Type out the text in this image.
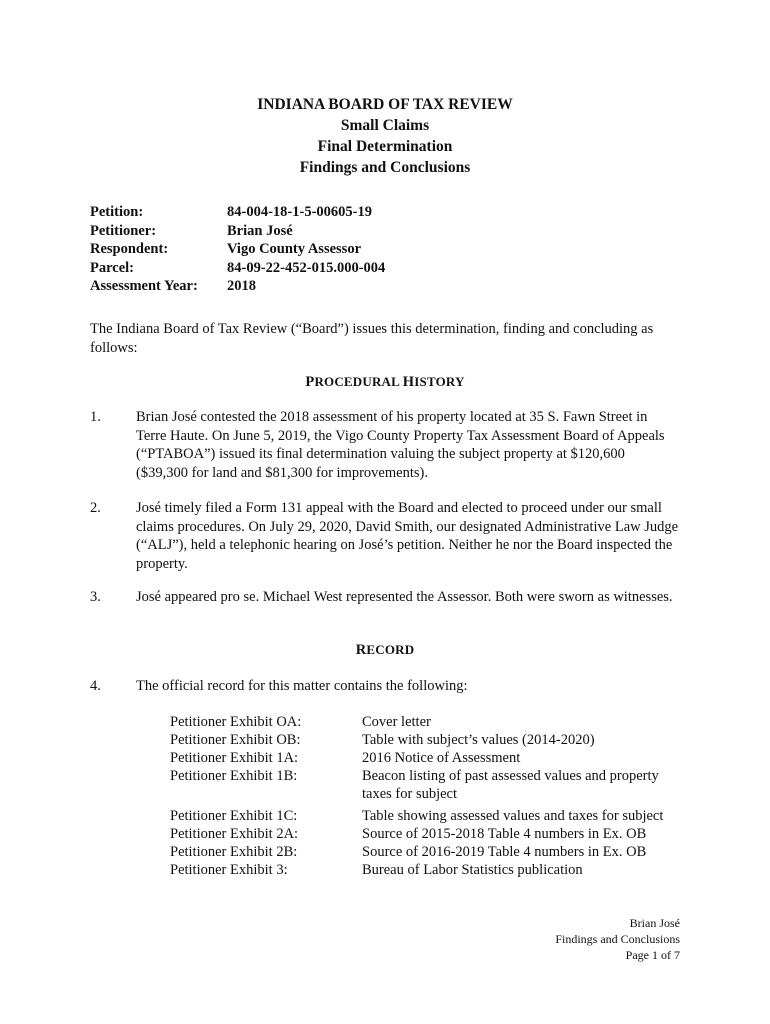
INDIANA BOARD OF TAX REVIEW
Small Claims
Final Determination
Findings and Conclusions
Petition:	84-004-18-1-5-00605-19
Petitioner:	Brian José
Respondent:	Vigo County Assessor
Parcel:	84-09-22-452-015.000-004
Assessment Year:	2018
The Indiana Board of Tax Review (“Board”) issues this determination, finding and concluding as follows:
PROCEDURAL HISTORY
1.	Brian José contested the 2018 assessment of his property located at 35 S. Fawn Street in Terre Haute. On June 5, 2019, the Vigo County Property Tax Assessment Board of Appeals (“PTABOA”) issued its final determination valuing the subject property at $120,600 ($39,300 for land and $81,300 for improvements).
2.	José timely filed a Form 131 appeal with the Board and elected to proceed under our small claims procedures. On July 29, 2020, David Smith, our designated Administrative Law Judge (“ALJ”), held a telephonic hearing on José’s petition. Neither he nor the Board inspected the property.
3.	José appeared pro se. Michael West represented the Assessor. Both were sworn as witnesses.
RECORD
4.	The official record for this matter contains the following:
Petitioner Exhibit OA:	Cover letter
Petitioner Exhibit OB:	Table with subject’s values (2014-2020)
Petitioner Exhibit 1A:	2016 Notice of Assessment
Petitioner Exhibit 1B:	Beacon listing of past assessed values and property taxes for subject
Petitioner Exhibit 1C:	Table showing assessed values and taxes for subject
Petitioner Exhibit 2A:	Source of 2015-2018 Table 4 numbers in Ex. OB
Petitioner Exhibit 2B:	Source of 2016-2019 Table 4 numbers in Ex. OB
Petitioner Exhibit 3:	Bureau of Labor Statistics publication
Brian José
Findings and Conclusions
Page 1 of 7
